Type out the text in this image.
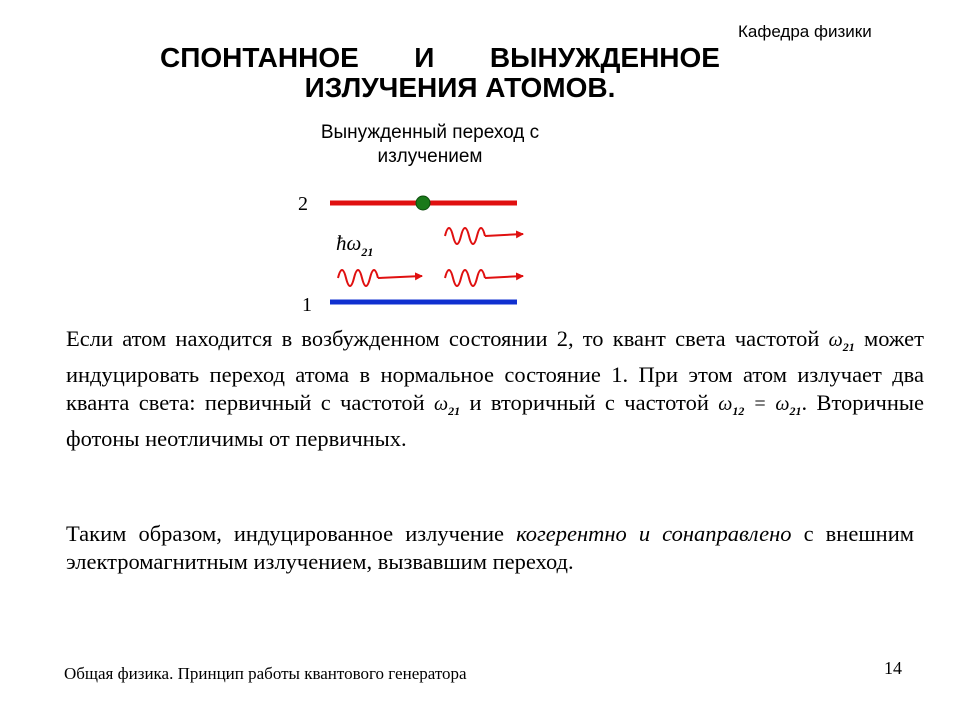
Кафедра физики
СПОНТАННОЕ И ВЫНУЖДЕННОЕ
ИЗЛУЧЕНИЯ АТОМОВ.
Вынужденный переход с излучением
2
1
$ħ\omega_{21}$
Если атом находится в возбужденном состоянии 2, то квант света частотой $\omega_{21}$ может индуцировать переход атома в нормальное состояние 1. При этом атом излучает два кванта света: первичный с частотой $\omega_{21}$ и вторичный с частотой $\omega_{12} = \omega_{21}$. Вторичные фотоны неотличимы от первичных.
Таким образом, индуцированное излучение когерентно и сонаправлено с внешним электромагнитным излучением, вызвавшим переход.
Общая физика. Принцип работы квантового генератора	14
